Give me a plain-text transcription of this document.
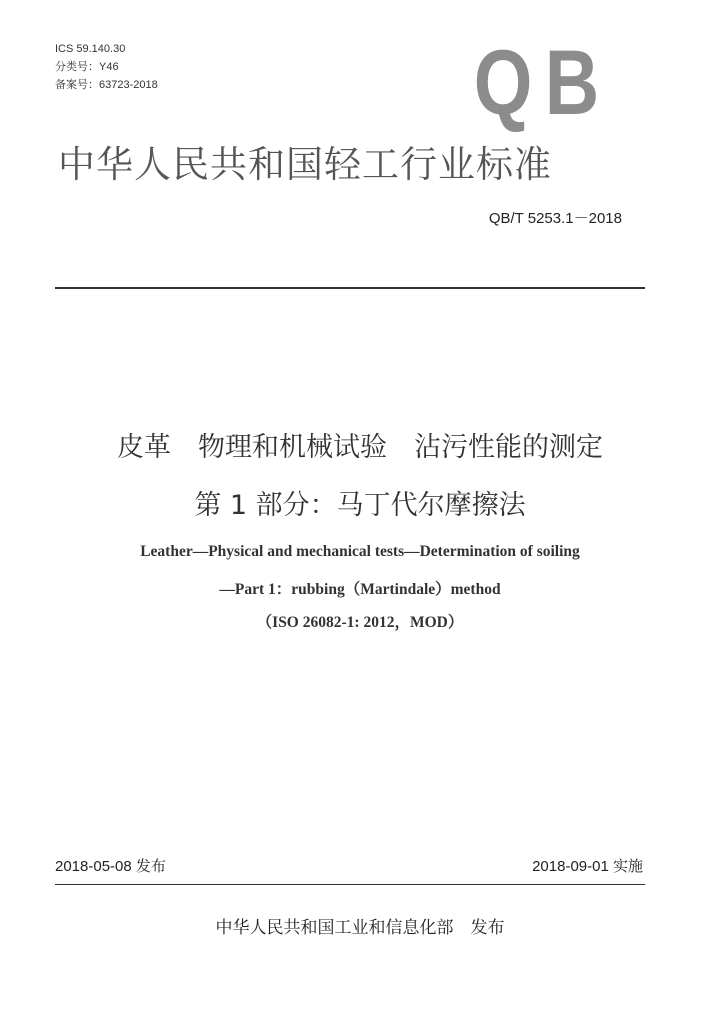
ICS 59.140.30
分类号：Y46
备案号：63723-2018	Q B
中华人民共和国轻工行业标准
QB/T 5253.1－2018
皮革　物理和机械试验　沾污性能的测定
第 1 部分：马丁代尔摩擦法
Leather—Physical and mechanical tests—Determination of soiling
—Part 1：rubbing（Martindale）method
（ISO 26082-1: 2012，MOD）
2018-05-08 发布	2018-09-01 实施
中华人民共和国工业和信息化部　发布
